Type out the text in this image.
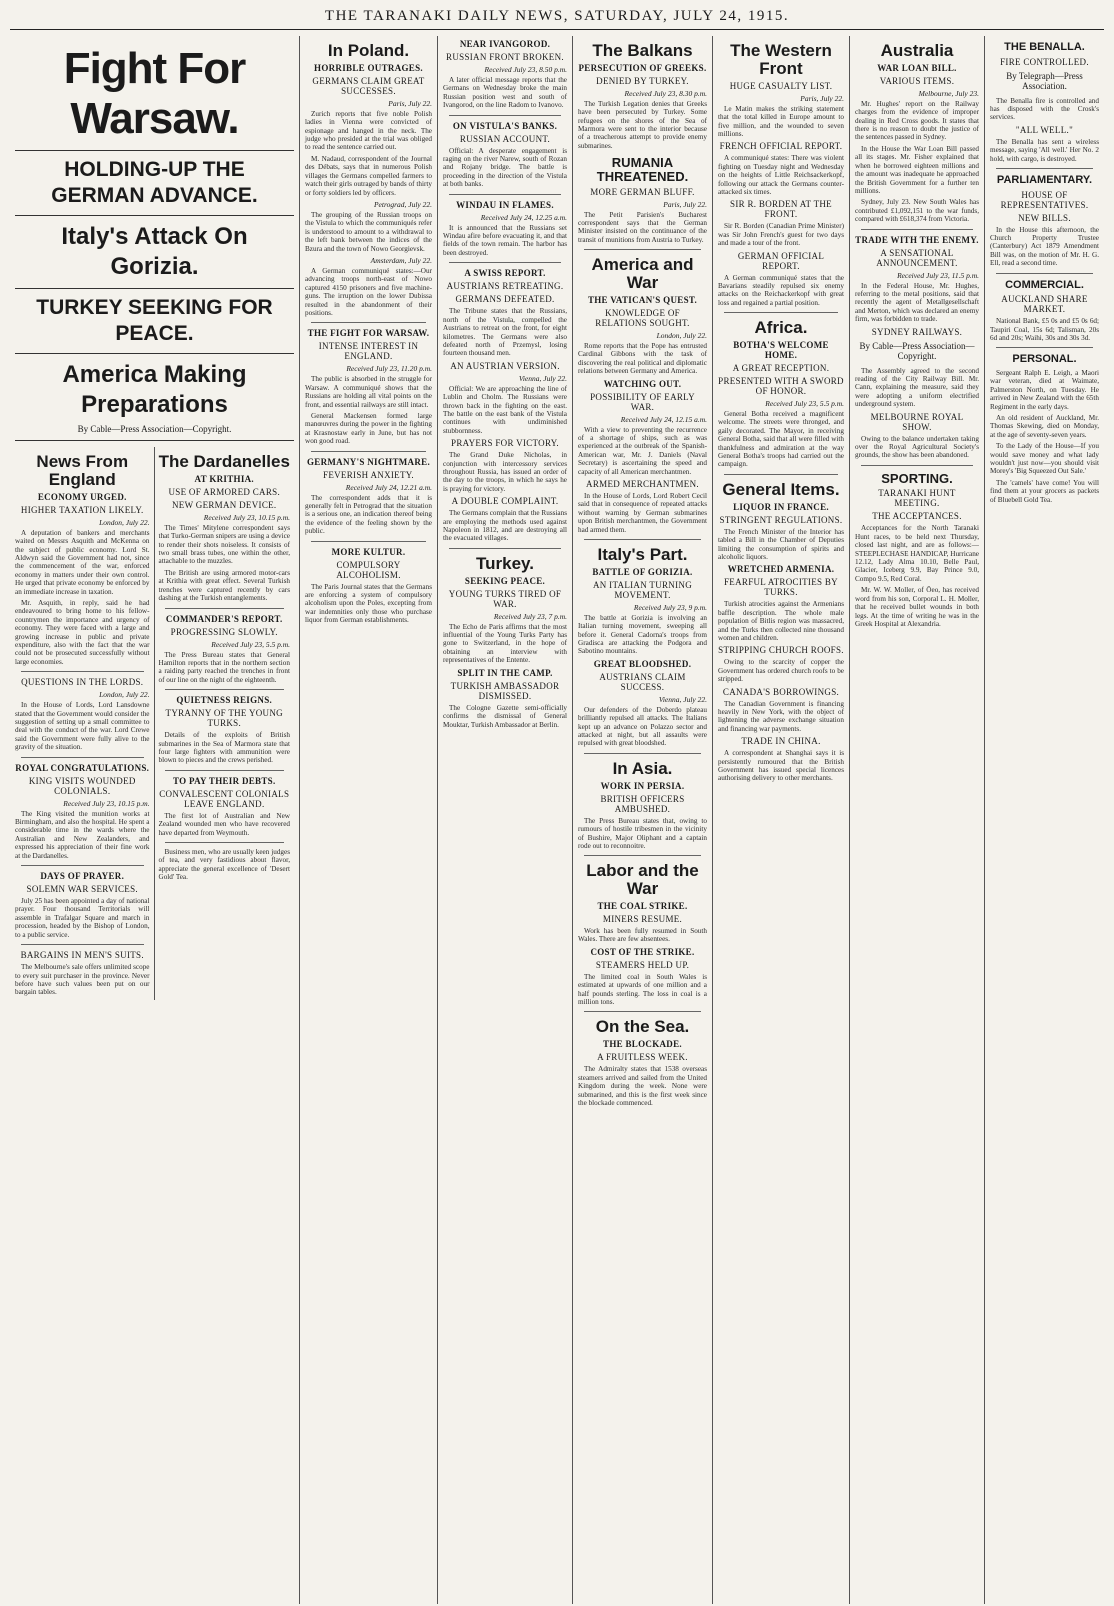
THE TARANAKI DAILY NEWS, SATURDAY, JULY 24, 1915.
Fight For Warsaw.
HOLDING-UP THE GERMAN ADVANCE.
Italy's Attack On Gorizia.
TURKEY SEEKING FOR PEACE.
America Making Preparations
By Cable—Press Association—Copyright.
News From England
ECONOMY URGED.
HIGHER TAXATION LIKELY.
London, July 22.

A deputation of bankers and merchants waited on Messrs Asquith and McKenna on the subject of public economy. Lord St. Aldwyn said the Government had not, since the commencement of the war, enforced economy in matters under their own control. He urged that private economy be enforced by an immediate increase in taxation.

Mr. Asquith, in reply, said he had endeavoured to bring home to his fellow-countrymen the importance and urgency of economy. They were faced with a large and growing increase in public and private expenditure, also with the fact that the war could not be prosecuted successfully without large economies.

QUESTIONS IN THE LORDS.
London, July 22.

In the House of Lords, Lord Lansdowne stated that the Government would consider the suggestion of setting up a small committee to deal with the conduct of the war. Lord Crewe said the Government were fully alive to the gravity of the situation.

ROYAL CONGRATULATIONS.
KING VISITS WOUNDED COLONIALS.
Received July 23, 10.15 p.m.

The King visited the munition works at Birmingham, and also the hospital. He spent a considerable time in the wards where the Australian and New Zealanders, and expressed his appreciation of their fine work at the Dardanelles.

DAYS OF PRAYER.
SOLEMN WAR SERVICES.

July 25 has been appointed a day of national prayer. Four thousand Territorials will assemble in Trafalgar Square and march in procession, headed by the Bishop of London, to a public service.

BARGAINS IN MEN'S SUITS.

The Melbourne's sale offers unlimited scope to every suit purchaser in the province. Never before have such values been put on our bargain tables.

The Dardanelles
AT KRITHIA.
USE OF ARMORED CARS.
NEW GERMAN DEVICE.
Received July 23, 10.15 p.m.

The Times' Mitylene correspondent says that Turko-German snipers are using a device to render their shots noiseless. It consists of two small brass tubes, one within the other, attachable to the muzzles.

The British are using armored motor-cars at Krithia with great effect. Several Turkish trenches were captured recently by cars dashing at the Turkish entanglements.

COMMANDER'S REPORT.
PROGRESSING SLOWLY.
Received July 23, 5.5 p.m.

The Press Bureau states that General Hamilton reports that in the northern section a raiding party reached the trenches in front of our line on the night of the eighteenth.

QUIETNESS REIGNS.
TYRANNY OF THE YOUNG TURKS.

Details of the exploits of British submarines in the Sea of Marmora state that four large fighters with ammunition were blown to pieces and the crews perished.

TO PAY THEIR DEBTS.
CONVALESCENT COLONIALS LEAVE ENGLAND.

The first lot of Australian and New Zealand wounded men who have recovered have departed from Weymouth.

Business men, who are usually keen judges of tea, and very fastidious about flavor, appreciate the general excellence of 'Desert Gold' Tea.

In Poland.
HORRIBLE OUTRAGES.
GERMANS CLAIM GREAT SUCCESSES.
Paris, July 22.

Zurich reports that five noble Polish ladies in Vienna were convicted of espionage and hanged in the neck. The judge who presided at the trial was obliged to read the sentence carried out.

M. Nadaud, correspondent of the Journal des Débats, says that in numerous Polish villages the Germans compelled farmers to watch their girls outraged by bands of thirty or forty soldiers led by officers.

Petrograd, July 22.

The grouping of the Russian troops on the Vistula to which the communiqués refer is understood to amount to a withdrawal to the left bank between the indices of the Bzura and the town of Nowo Georgievsk.

Amsterdam, July 22.

A German communiqué states:—Our advancing troops north-east of Nowo captured 4150 prisoners and five machine-guns. The irruption on the lower Dubissa resulted in the abandonment of their positions.

THE FIGHT FOR WARSAW.
INTENSE INTEREST IN ENGLAND.
Received July 23, 11.20 p.m.

The public is absorbed in the struggle for Warsaw. A communiqué shows that the Russians are holding all vital points on the front, and essential railways are still intact.

General Mackensen formed large manœuvres during the power in the fighting at Krasnostaw early in June, but has not won good road.

GERMANY'S NIGHTMARE.
FEVERISH ANXIETY.
Received July 24, 12.21 a.m.

The correspondent adds that it is generally felt in Petrograd that the situation is a serious one, an indication thereof being the evidence of the feeling shown by the public.

MORE KULTUR.
COMPULSORY ALCOHOLISM.

The Paris Journal states that the Germans are enforcing a system of compulsory alcoholism upon the Poles, excepting from war indemnities only those who purchase liquor from German establishments.

NEAR IVANGOROD.
RUSSIAN FRONT BROKEN.
Received July 23, 8.50 p.m.

A later official message reports that the Germans on Wednesday broke the main Russian position west and south of Ivangorod, on the line Radom to Ivanovo.

ON VISTULA'S BANKS.
RUSSIAN ACCOUNT.

Official: A desperate engagement is raging on the river Narew, south of Rozan and Rojany bridge. The battle is proceeding in the direction of the Vistula at both banks.

WINDAU IN FLAMES.
Received July 24, 12.25 a.m.

It is announced that the Russians set Windau afire before evacuating it, and that fields of the town remain. The harbor has been destroyed.

A SWISS REPORT.
AUSTRIANS RETREATING.
GERMANS DEFEATED.

The Tribune states that the Russians, north of the Vistula, compelled the Austrians to retreat on the front, for eight kilometres. The Germans were also defeated north of Przemysl, losing fourteen thousand men.

AN AUSTRIAN VERSION.
Vienna, July 22.

Official: We are approaching the line of Lublin and Cholm. The Russians were thrown back in the fighting on the east. The battle on the east bank of the Vistula continues with undiminished stubbornness.

PRAYERS FOR VICTORY.

The Grand Duke Nicholas, in conjunction with intercessory services throughout Russia, has issued an order of the day to the troops, in which he says he is praying for victory.

A DOUBLE COMPLAINT.

The Germans complain that the Russians are employing the methods used against Napoleon in 1812, and are destroying all the evacuated villages.

Turkey.
SEEKING PEACE.
YOUNG TURKS TIRED OF WAR.
Received July 23, 7 p.m.

The Echo de Paris affirms that the most influential of the Young Turks Party has gone to Switzerland, in the hope of obtaining an interview with representatives of the Entente.

SPLIT IN THE CAMP.
TURKISH AMBASSADOR DISMISSED.

The Cologne Gazette semi-officially confirms the dismissal of General Mouktar, Turkish Ambassador at Berlin.

The Balkans
PERSECUTION OF GREEKS.
DENIED BY TURKEY.
Received July 23, 8.30 p.m.

The Turkish Legation denies that Greeks have been persecuted by Turkey. Some refugees on the shores of the Sea of Marmora were sent to the interior because of a treacherous attempt to provide enemy submarines.

RUMANIA THREATENED.
MORE GERMAN BLUFF.
Paris, July 22.

The Petit Parisien's Bucharest correspondent says that the German Minister insisted on the continuance of the transit of munitions from Austria to Turkey.

America and War
THE VATICAN'S QUEST.
KNOWLEDGE OF RELATIONS SOUGHT.
London, July 22.

Rome reports that the Pope has entrusted Cardinal Gibbons with the task of discovering the real political and diplomatic relations between Germany and America.

WATCHING OUT.
POSSIBILITY OF EARLY WAR.
Received July 24, 12.15 a.m.

With a view to preventing the recurrence of a shortage of ships, such as was experienced at the outbreak of the Spanish-American war, Mr. J. Daniels (Naval Secretary) is ascertaining the speed and capacity of all American merchantmen.

ARMED MERCHANTMEN.

In the House of Lords, Lord Robert Cecil said that in consequence of repeated attacks without warning by German submarines upon British merchantmen, the Government had armed them.

Italy's Part.
BATTLE OF GORIZIA.
AN ITALIAN TURNING MOVEMENT.
Received July 23, 9 p.m.

The battle at Gorizia is involving an Italian turning movement, sweeping all before it. General Cadorna's troops from Gradisca are attacking the Podgora and Sabotino mountains.

GREAT BLOODSHED.
AUSTRIANS CLAIM SUCCESS.
Vienna, July 22.

Our defenders of the Doberdo plateau brilliantly repulsed all attacks. The Italians kept up an advance on Polazzo sector and attacked at night, but all assaults were repulsed with great bloodshed.

In Asia.
WORK IN PERSIA.
BRITISH OFFICERS AMBUSHED.

The Press Bureau states that, owing to rumours of hostile tribesmen in the vicinity of Bushire, Major Oliphant and a captain rode out to reconnoitre.

Labor and the War
THE COAL STRIKE.
MINERS RESUME.

Work has been fully resumed in South Wales. There are few absentees.

COST OF THE STRIKE.
STEAMERS HELD UP.

The limited coal in South Wales is estimated at upwards of one million and a half pounds sterling. The loss in coal is a million tons.

On the Sea.
THE BLOCKADE.
A FRUITLESS WEEK.

The Admiralty states that 1538 overseas steamers arrived and sailed from the United Kingdom during the week. None were submarined, and this is the first week since the blockade commenced.

The Western Front
HUGE CASUALTY LIST.
Paris, July 22.

Le Matin makes the striking statement that the total killed in Europe amount to five million, and the wounded to seven millions.

FRENCH OFFICIAL REPORT.

A communiqué states: There was violent fighting on Tuesday night and Wednesday on the heights of Little Reichsackerkopf, following our attack the Germans counter-attacked six times.

SIR R. BORDEN AT THE FRONT.

Sir R. Borden (Canadian Prime Minister) was Sir John French's guest for two days and made a tour of the front.

GERMAN OFFICIAL REPORT.

A German communiqué states that the Bavarians steadily repulsed six enemy attacks on the Reichackerkopf with great loss and regained a partial position.

Africa.
BOTHA'S WELCOME HOME.
A GREAT RECEPTION.
PRESENTED WITH A SWORD OF HONOR.
Received July 23, 5.5 p.m.

General Botha received a magnificent welcome. The streets were thronged, and gaily decorated. The Mayor, in receiving General Botha, said that all were filled with thankfulness and admiration at the way General Botha's troops had carried out the campaign.

General Items.
LIQUOR IN FRANCE.
STRINGENT REGULATIONS.

The French Minister of the Interior has tabled a Bill in the Chamber of Deputies limiting the consumption of spirits and alcoholic liquors.

WRETCHED ARMENIA.
FEARFUL ATROCITIES BY TURKS.

Turkish atrocities against the Armenians baffle description. The whole male population of Bitlis region was massacred, and the Turks then collected nine thousand women and children.

STRIPPING CHURCH ROOFS.

Owing to the scarcity of copper the Government has ordered church roofs to be stripped.

CANADA'S BORROWINGS.

The Canadian Government is financing heavily in New York, with the object of lightening the adverse exchange situation and financing war payments.

TRADE IN CHINA.

A correspondent at Shanghai says it is persistently rumoured that the British Government has issued special licences authorising delivery to other merchants.

Australia
WAR LOAN BILL.
VARIOUS ITEMS.
Melbourne, July 23.

Mr. Hughes' report on the Railway charges from the evidence of improper dealing in Red Cross goods. It states that there is no reason to doubt the justice of the sentences passed in Sydney.

In the House the War Loan Bill passed all its stages. Mr. Fisher explained that when he borrowed eighteen millions and the amount was inadequate he approached the British Government for a further ten millions.

Sydney, July 23. New South Wales has contributed £1,092,151 to the war funds, compared with £618,374 from Victoria.

TRADE WITH THE ENEMY.
A SENSATIONAL ANNOUNCEMENT.
Received July 23, 11.5 p.m.

In the Federal House, Mr. Hughes, referring to the metal positions, said that recently the agent of Metallgesellschaft and Merton, which was declared an enemy firm, was forbidden to trade.

SYDNEY RAILWAYS.
By Cable—Press Association—Copyright.

The Assembly agreed to the second reading of the City Railway Bill. Mr. Cann, explaining the measure, said they were adopting a uniform electrified underground system.

MELBOURNE ROYAL SHOW.

Owing to the balance undertaken taking over the Royal Agricultural Society's grounds, the show has been abandoned.

SPORTING.
TARANAKI HUNT MEETING.
THE ACCEPTANCES.

Acceptances for the North Taranaki Hunt races, to be held next Thursday, closed last night, and are as follows:—STEEPLECHASE HANDICAP, Hurricane 12.12, Lady Alma 10.10, Belle Paul, Glacier, Iceberg 9.9, Bay Prince 9.0, Compo 9.5, Red Coral.

Mr. W. W. Moller, of Ōeo, has received word from his son, Corporal L. H. Moller, that he received bullet wounds in both legs. At the time of writing he was in the Greek Hospital at Alexandria.

THE BENALLA.
FIRE CONTROLLED.
By Telegraph—Press Association.

The Benalla fire is controlled and has disposed with the Crosk's services.

"ALL WELL."

The Benalla has sent a wireless message, saying 'All well.' Her No. 2 hold, with cargo, is destroyed.

PARLIAMENTARY.
HOUSE OF REPRESENTATIVES.
NEW BILLS.

In the House this afternoon, the Church Property Trustee (Canterbury) Act 1879 Amendment Bill was, on the motion of Mr. H. G. Ell, read a second time.

COMMERCIAL.
AUCKLAND SHARE MARKET.

National Bank, £5 0s and £5 0s 6d; Taupiri Coal, 15s 6d; Talisman, 20s 6d and 20s; Waihi, 30s and 30s 3d.

PERSONAL.

Sergeant Ralph E. Leigh, a Maori war veteran, died at Waimate, Palmerston North, on Tuesday. He arrived in New Zealand with the 65th Regiment in the early days.

An old resident of Auckland, Mr. Thomas Skewing, died on Monday, at the age of seventy-seven years.

To the Lady of the House—If you would save money and what lady wouldn't just now—you should visit Morey's 'Big Squeezed Out Sale.'

The 'camels' have come! You will find them at your grocers as packets of Bluebell Gold Tea.
